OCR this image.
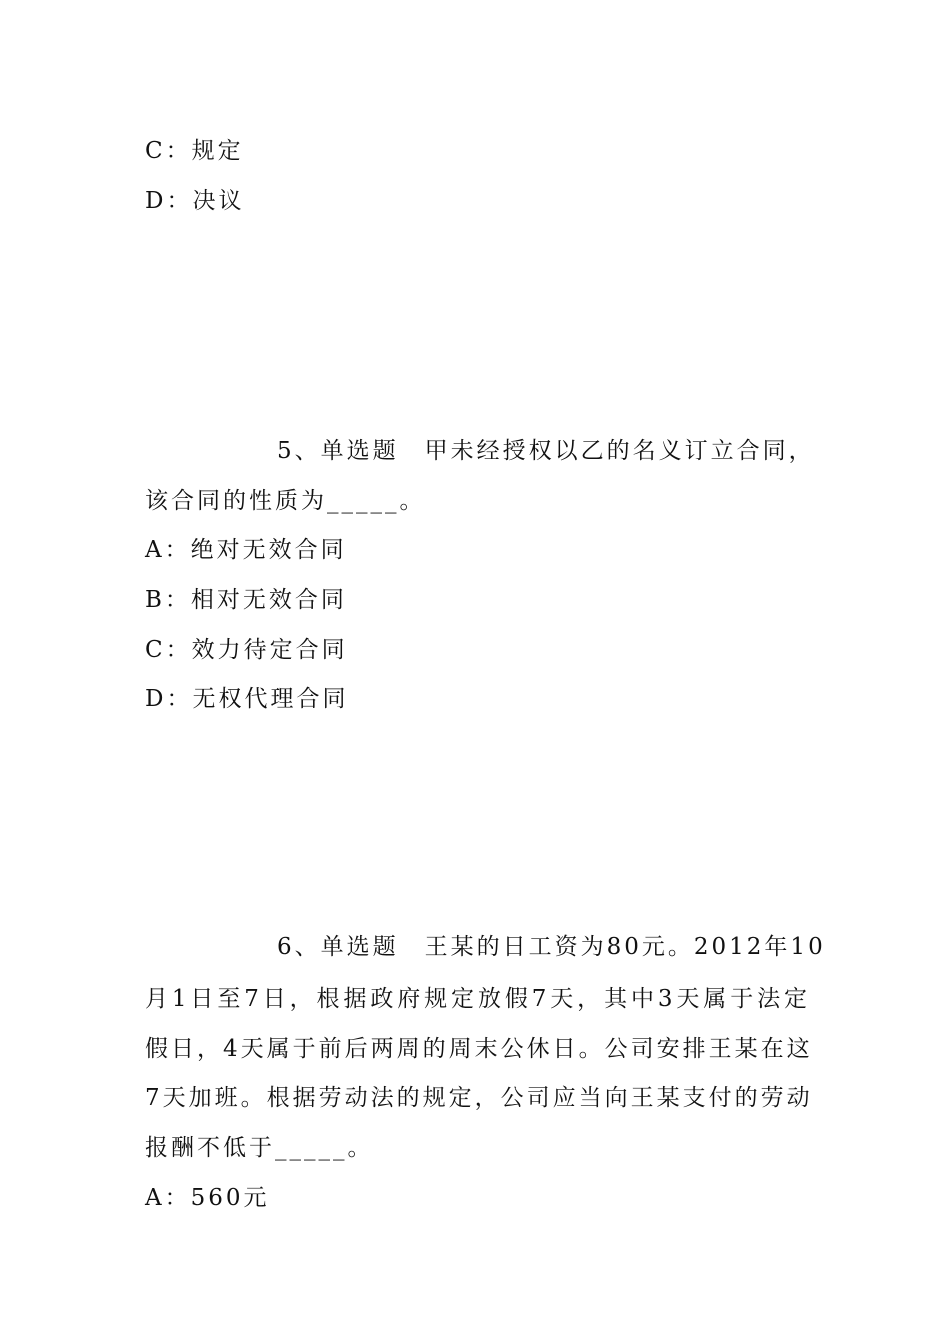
C：规定
D：决议
5、单选题　甲未经授权以乙的名义订立合同，
该合同的性质为_____。
A：绝对无效合同
B：相对无效合同
C：效力待定合同
D：无权代理合同
6、单选题　王某的日工资为80元。2012年10
月1日至7日，根据政府规定放假7天，其中3天属于法定
假日，4天属于前后两周的周末公休日。公司安排王某在这
7天加班。根据劳动法的规定，公司应当向王某支付的劳动
报酬不低于_____。
A：560元
